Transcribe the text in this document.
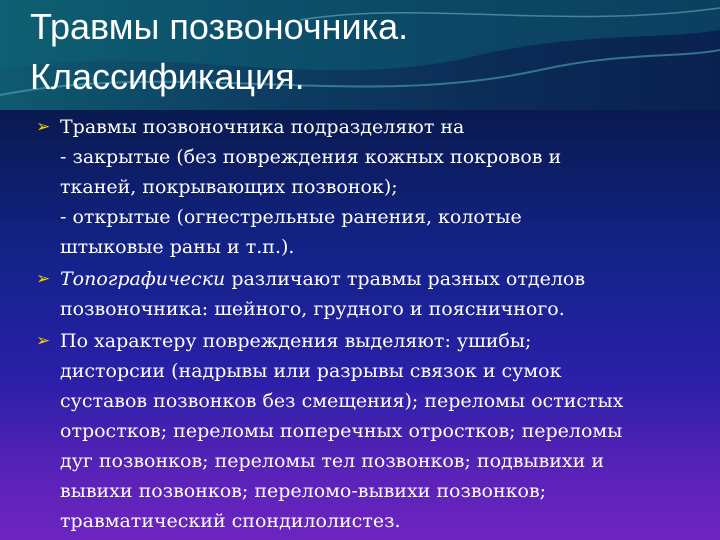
Травмы позвоночника.
Классификация.
➢ Травмы позвоночника подразделяют на
- закрытые (без повреждения кожных покровов и
тканей, покрывающих позвонок);
- открытые (огнестрельные ранения, колотые
штыковые раны и т.п.).
➢ Топографически различают травмы разных отделов
позвоночника: шейного, грудного и поясничного.
➢ По характеру повреждения выделяют: ушибы;
дисторсии (надрывы или разрывы связок и сумок
суставов позвонков без смещения); переломы остистых
отростков; переломы поперечных отростков; переломы
дуг позвонков; переломы тел позвонков; подвывихи и
вывихи позвонков; переломо-вывихи позвонков;
травматический спондилолистез.
